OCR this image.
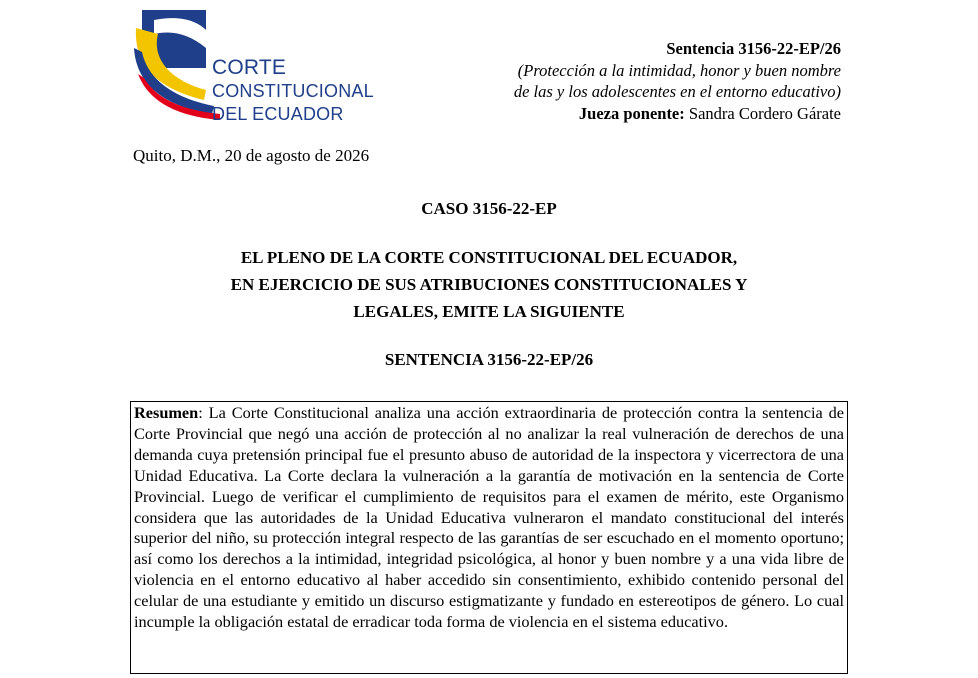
CORTE
CONSTITUCIONAL
DEL ECUADOR
Sentencia 3156-22-EP/26
(Protección a la intimidad, honor y buen nombre
de las y los adolescentes en el entorno educativo)
Jueza ponente: Sandra Cordero Gárate
Quito, D.M., 20 de agosto de 2026
CASO 3156-22-EP
EL PLENO DE LA CORTE CONSTITUCIONAL DEL ECUADOR,
EN EJERCICIO DE SUS ATRIBUCIONES CONSTITUCIONALES Y
LEGALES, EMITE LA SIGUIENTE
SENTENCIA 3156-22-EP/26
Resumen: La Corte Constitucional analiza una acción extraordinaria de protección contra la sentencia de Corte Provincial que negó una acción de protección al no analizar la real vulneración de derechos de una demanda cuya pretensión principal fue el presunto abuso de autoridad de la inspectora y vicerrectora de una Unidad Educativa. La Corte declara la vulneración a la garantía de motivación en la sentencia de Corte Provincial. Luego de verificar el cumplimiento de requisitos para el examen de mérito, este Organismo considera que las autoridades de la Unidad Educativa vulneraron el mandato constitucional del interés superior del niño, su protección integral respecto de las garantías de ser escuchado en el momento oportuno; así como los derechos a la intimidad, integridad psicológica, al honor y buen nombre y a una vida libre de violencia en el entorno educativo al haber accedido sin consentimiento, exhibido contenido personal del celular de una estudiante y emitido un discurso estigmatizante y fundado en estereotipos de género. Lo cual incumple la obligación estatal de erradicar toda forma de violencia en el sistema educativo.
